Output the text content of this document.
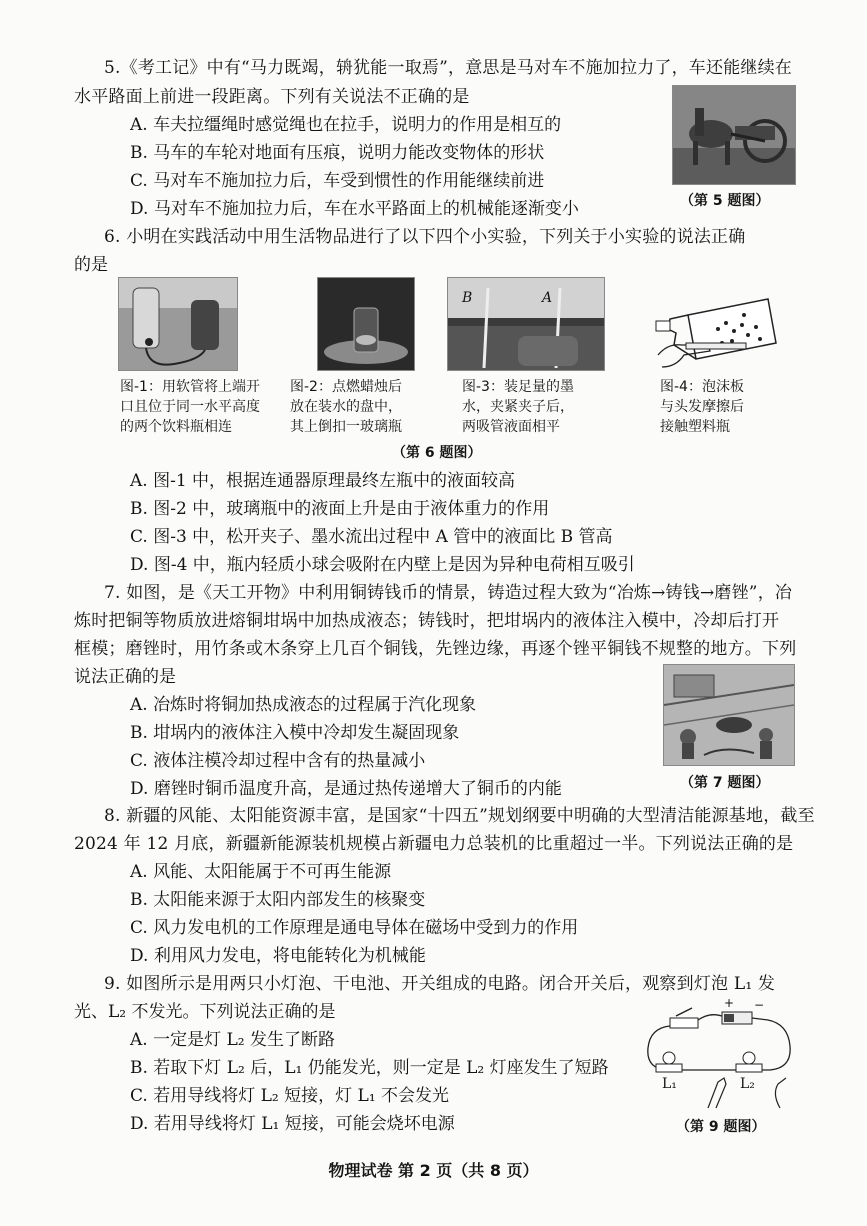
5.《考工记》中有“马力既竭，辀犹能一取焉”，意思是马对车不施加拉力了，车还能继续在
水平路面上前进一段距离。下列有关说法不正确的是
A. 车夫拉缰绳时感觉绳也在拉手，说明力的作用是相互的
B. 马车的车轮对地面有压痕，说明力能改变物体的形状
C. 马对车不施加拉力后，车受到惯性的作用能继续前进
D. 马对车不施加拉力后，车在水平路面上的机械能逐渐变小	（第 5 题图）
6. 小明在实践活动中用生活物品进行了以下四个小实验，下列关于小实验的说法正确
的是
图-1：用软管将上端开
口且位于同一水平高度
的两个饮料瓶相连
图-2：点燃蜡烛后
放在装水的盘中，
其上倒扣一玻璃瓶
B	A
图-3：装足量的墨
水，夹紧夹子后，
两吸管液面相平
图-4：泡沫板
与头发摩擦后
接触塑料瓶
（第 6 题图）
A. 图-1 中，根据连通器原理最终左瓶中的液面较高
B. 图-2 中，玻璃瓶中的液面上升是由于液体重力的作用
C. 图-3 中，松开夹子、墨水流出过程中 A 管中的液面比 B 管高
D. 图-4 中，瓶内轻质小球会吸附在内壁上是因为异种电荷相互吸引
7. 如图，是《天工开物》中利用铜铸钱币的情景，铸造过程大致为“冶炼→铸钱→磨锉”，冶
炼时把铜等物质放进熔铜坩埚中加热成液态；铸钱时，把坩埚内的液体注入模中，冷却后打开
框模；磨锉时，用竹条或木条穿上几百个铜钱，先锉边缘，再逐个锉平铜钱不规整的地方。下列
说法正确的是
A. 冶炼时将铜加热成液态的过程属于汽化现象
B. 坩埚内的液体注入模中冷却发生凝固现象
C. 液体注模冷却过程中含有的热量减小
D. 磨锉时铜币温度升高，是通过热传递增大了铜币的内能	（第 7 题图）
8. 新疆的风能、太阳能资源丰富，是国家“十四五”规划纲要中明确的大型清洁能源基地，截至
2024 年 12 月底，新疆新能源装机规模占新疆电力总装机的比重超过一半。下列说法正确的是
A. 风能、太阳能属于不可再生能源
B. 太阳能来源于太阳内部发生的核聚变
C. 风力发电机的工作原理是通电导体在磁场中受到力的作用
D. 利用风力发电，将电能转化为机械能
9. 如图所示是用两只小灯泡、干电池、开关组成的电路。闭合开关后，观察到灯泡 L₁ 发
光、L₂ 不发光。下列说法正确的是
A. 一定是灯 L₂ 发生了断路
B. 若取下灯 L₂ 后，L₁ 仍能发光，则一定是 L₂ 灯座发生了短路
C. 若用导线将灯 L₂ 短接，灯 L₁ 不会发光
D. 若用导线将灯 L₁ 短接，可能会烧坏电源
+ −
L₁	L₂
（第 9 题图）
物理试卷 第 2 页（共 8 页）
